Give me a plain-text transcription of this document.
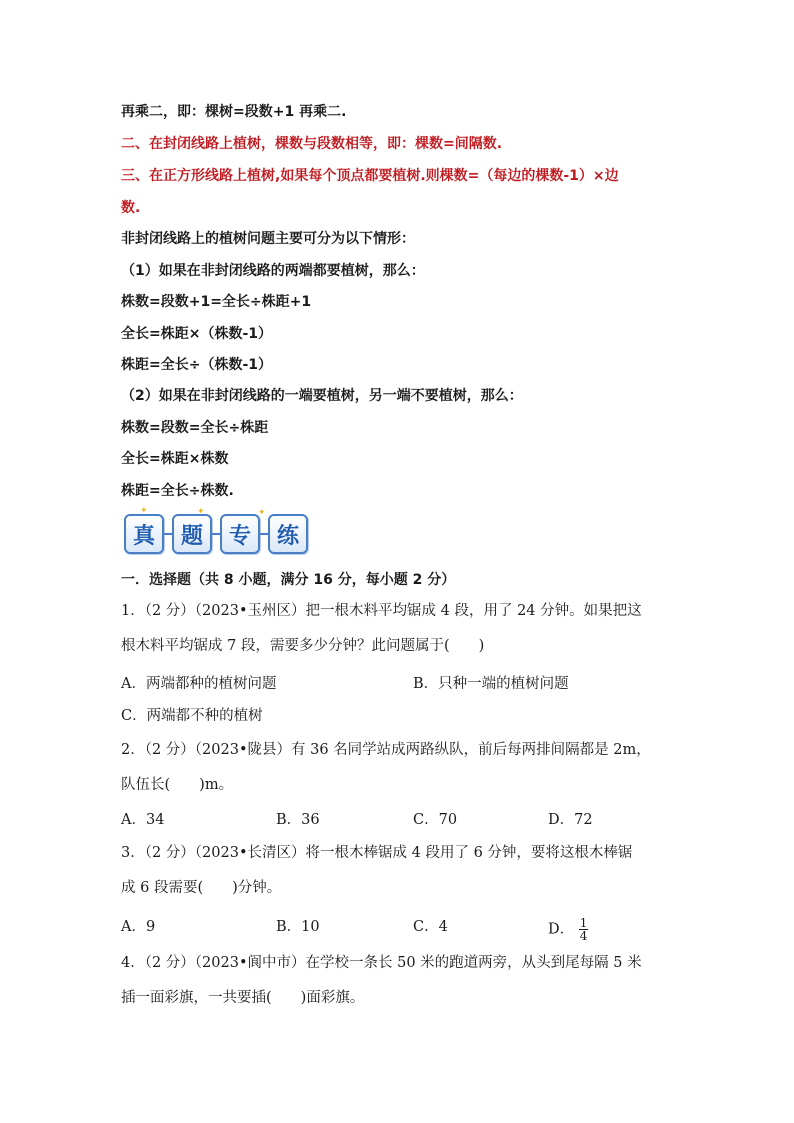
再乘二，即：棵树=段数+1 再乘二.
二、在封闭线路上植树，棵数与段数相等，即：棵数=间隔数.
三、在正方形线路上植树,如果每个顶点都要植树.则棵数=（每边的棵数-1）×边
数.
非封闭线路上的植树问题主要可分为以下情形：
（1）如果在非封闭线路的两端都要植树，那么：
株数=段数+1=全长÷株距+1
全长=株距×（株数-1）
株距=全长÷（株数-1）
（2）如果在非封闭线路的一端要植树，另一端不要植树，那么：
株数=段数=全长÷株距
全长=株距×株数
株距=全长÷株数.
真	题	专	练
✦	✦	✦
一．选择题（共 8 小题，满分 16 分，每小题 2 分）
1．（2 分）（2023•玉州区）把一根木料平均锯成 4 段，用了 24 分钟。如果把这
根木料平均锯成 7 段，需要多少分钟？此问题属于(　　)
A．两端都种的植树问题	B．只种一端的植树问题
C．两端都不种的植树
2．（2 分）（2023•陇县）有 36 名同学站成两路纵队，前后每两排间隔都是 2m，
队伍长(　　)m。
A．34	B．36	C．70	D．72
3．（2 分）（2023•长清区）将一根木棒锯成 4 段用了 6 分钟，要将这根木棒锯
成 6 段需要(　　)分钟。
A．9	B．10	C．4	D． $\frac{1}{4}$
4．（2 分）（2023•阆中市）在学校一条长 50 米的跑道两旁，从头到尾每隔 5 米
插一面彩旗，一共要插(　　)面彩旗。
